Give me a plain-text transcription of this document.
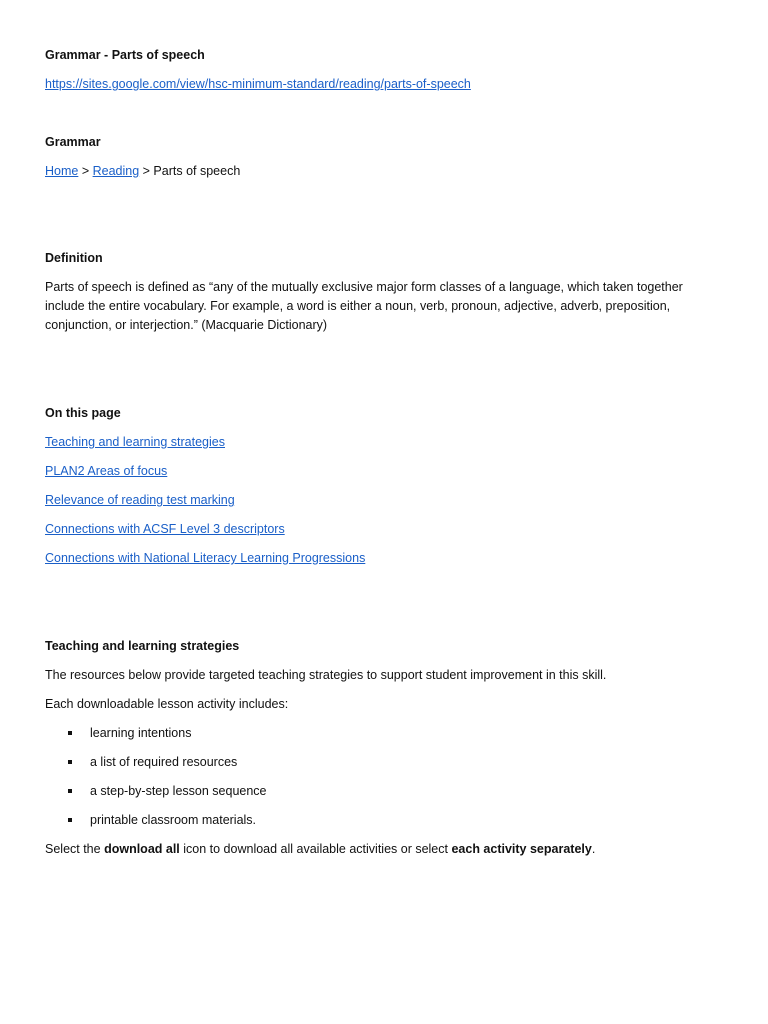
Grammar - Parts of speech
https://sites.google.com/view/hsc-minimum-standard/reading/parts-of-speech
Grammar
Home > Reading > Parts of speech
Definition
Parts of speech is defined as “any of the mutually exclusive major form classes of a language, which taken together include the entire vocabulary. For example, a word is either a noun, verb, pronoun, adjective, adverb, preposition, conjunction, or interjection.” (Macquarie Dictionary)
On this page
Teaching and learning strategies
PLAN2 Areas of focus
Relevance of reading test marking
Connections with ACSF Level 3 descriptors
Connections with National Literacy Learning Progressions
Teaching and learning strategies
The resources below provide targeted teaching strategies to support student improvement in this skill.
Each downloadable lesson activity includes:
learning intentions
a list of required resources
a step-by-step lesson sequence
printable classroom materials.
Select the download all icon to download all available activities or select each activity separately.
